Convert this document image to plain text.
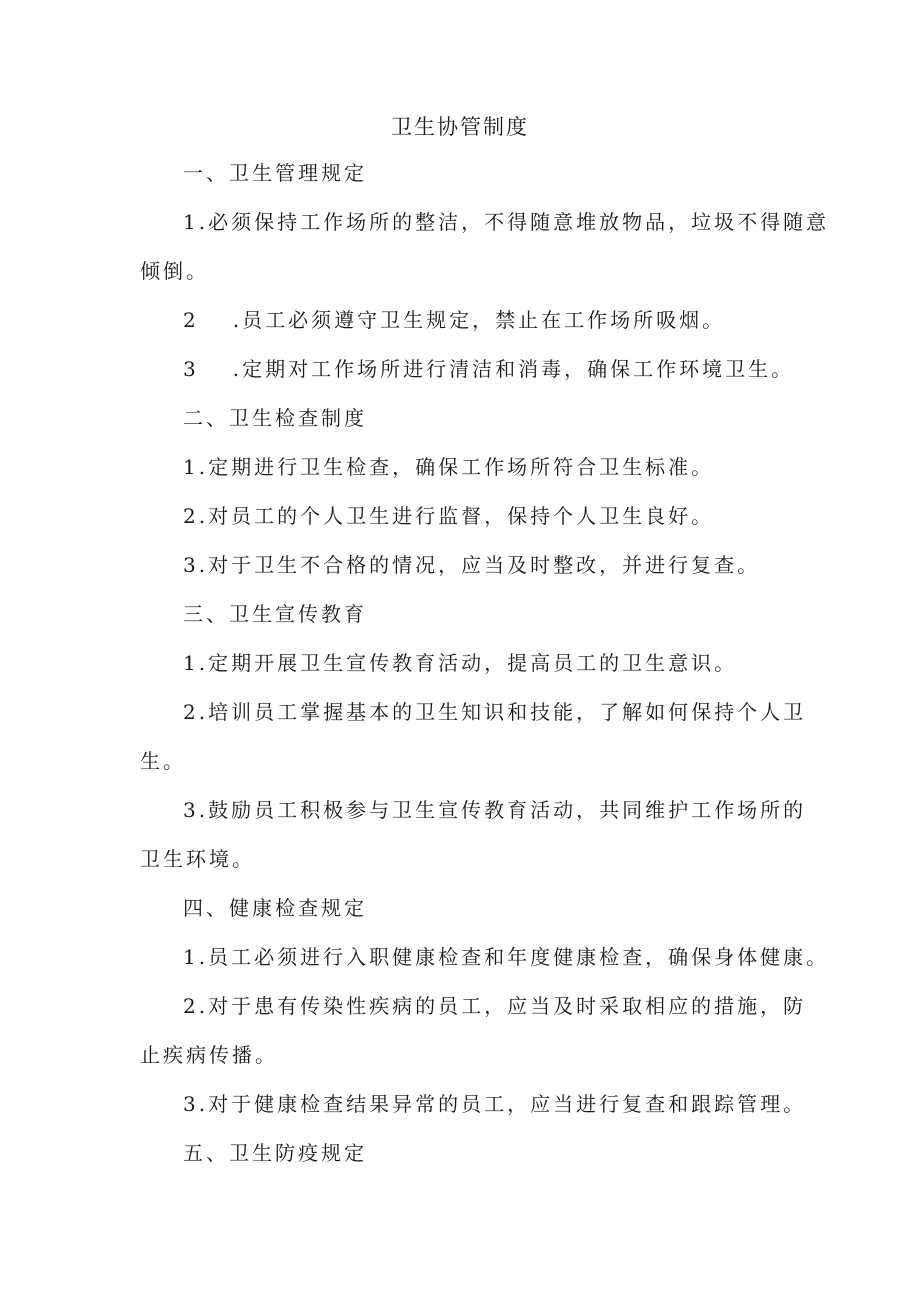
卫生协管制度
一、卫生管理规定
1.必须保持工作场所的整洁，不得随意堆放物品，垃圾不得随意
倾倒。
2 .员工必须遵守卫生规定，禁止在工作场所吸烟。
3 .定期对工作场所进行清洁和消毒，确保工作环境卫生。
二、卫生检查制度
1.定期进行卫生检查，确保工作场所符合卫生标准。
2.对员工的个人卫生进行监督，保持个人卫生良好。
3.对于卫生不合格的情况，应当及时整改，并进行复查。
三、卫生宣传教育
1.定期开展卫生宣传教育活动，提高员工的卫生意识。
2.培训员工掌握基本的卫生知识和技能，了解如何保持个人卫
生。
3.鼓励员工积极参与卫生宣传教育活动，共同维护工作场所的
卫生环境。
四、健康检查规定
1.员工必须进行入职健康检查和年度健康检查，确保身体健康。
2.对于患有传染性疾病的员工，应当及时采取相应的措施，防
止疾病传播。
3.对于健康检查结果异常的员工，应当进行复查和跟踪管理。
五、卫生防疫规定
